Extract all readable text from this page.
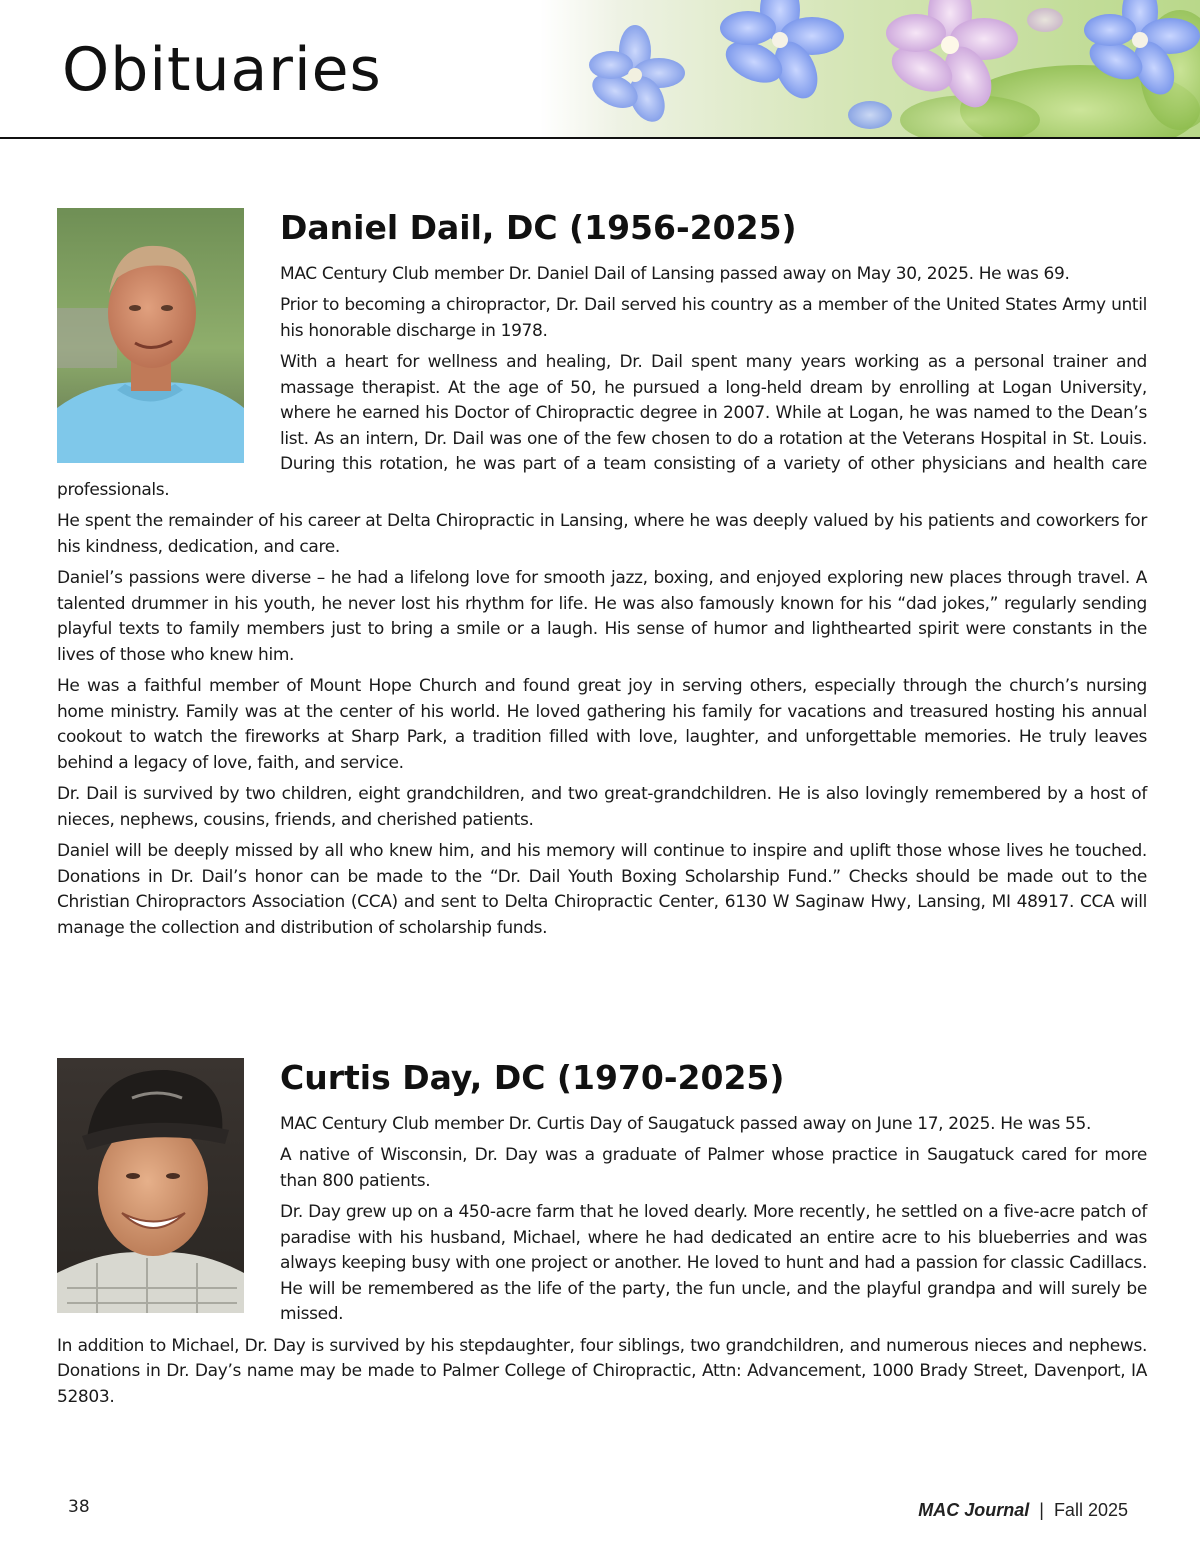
Obituaries
Daniel Dail, DC (1956-2025)

MAC Century Club member Dr. Daniel Dail of Lansing passed away on May 30, 2025. He was 69.

Prior to becoming a chiropractor, Dr. Dail served his country as a member of the United States Army until his honorable discharge in 1978.

With a heart for wellness and healing, Dr. Dail spent many years working as a personal trainer and massage therapist. At the age of 50, he pursued a long-held dream by enrolling at Logan University, where he earned his Doctor of Chiropractic degree in 2007. While at Logan, he was named to the Dean’s list. As an intern, Dr. Dail was one of the few chosen to do a rotation at the Veterans Hospital in St. Louis. During this rotation, he was part of a team consisting of a variety of other physicians and health care professionals.

He spent the remainder of his career at Delta Chiropractic in Lansing, where he was deeply valued by his patients and coworkers for his kindness, dedication, and care.

Daniel’s passions were diverse – he had a lifelong love for smooth jazz, boxing, and enjoyed exploring new places through travel. A talented drummer in his youth, he never lost his rhythm for life. He was also famously known for his “dad jokes,” regularly sending playful texts to family members just to bring a smile or a laugh. His sense of humor and lighthearted spirit were constants in the lives of those who knew him.

He was a faithful member of Mount Hope Church and found great joy in serving others, especially through the church’s nursing home ministry. Family was at the center of his world. He loved gathering his family for vacations and treasured hosting his annual cookout to watch the fireworks at Sharp Park, a tradition filled with love, laughter, and unforgettable memories. He truly leaves behind a legacy of love, faith, and service.

Dr. Dail is survived by two children, eight grandchildren, and two great-grandchildren. He is also lovingly remembered by a host of nieces, nephews, cousins, friends, and cherished patients.

Daniel will be deeply missed by all who knew him, and his memory will continue to inspire and uplift those whose lives he touched. Donations in Dr. Dail’s honor can be made to the “Dr. Dail Youth Boxing Scholarship Fund.” Checks should be made out to the Christian Chiropractors Association (CCA) and sent to Delta Chiropractic Center, 6130 W Saginaw Hwy, Lansing, MI 48917. CCA will manage the collection and distribution of scholarship funds.

Curtis Day, DC (1970-2025)

MAC Century Club member Dr. Curtis Day of Saugatuck passed away on June 17, 2025. He was 55.

A native of Wisconsin, Dr. Day was a graduate of Palmer whose practice in Saugatuck cared for more than 800 patients.

Dr. Day grew up on a 450-acre farm that he loved dearly. More recently, he settled on a five-acre patch of paradise with his husband, Michael, where he had dedicated an entire acre to his blueberries and was always keeping busy with one project or another. He loved to hunt and had a passion for classic Cadillacs. He will be remembered as the life of the party, the fun uncle, and the playful grandpa and will surely be missed.

In addition to Michael, Dr. Day is survived by his stepdaughter, four siblings, two grandchildren, and numerous nieces and nephews. Donations in Dr. Day’s name may be made to Palmer College of Chiropractic, Attn: Advancement, 1000 Brady Street, Davenport, IA 52803.

38	MAC Journal | Fall 2025
